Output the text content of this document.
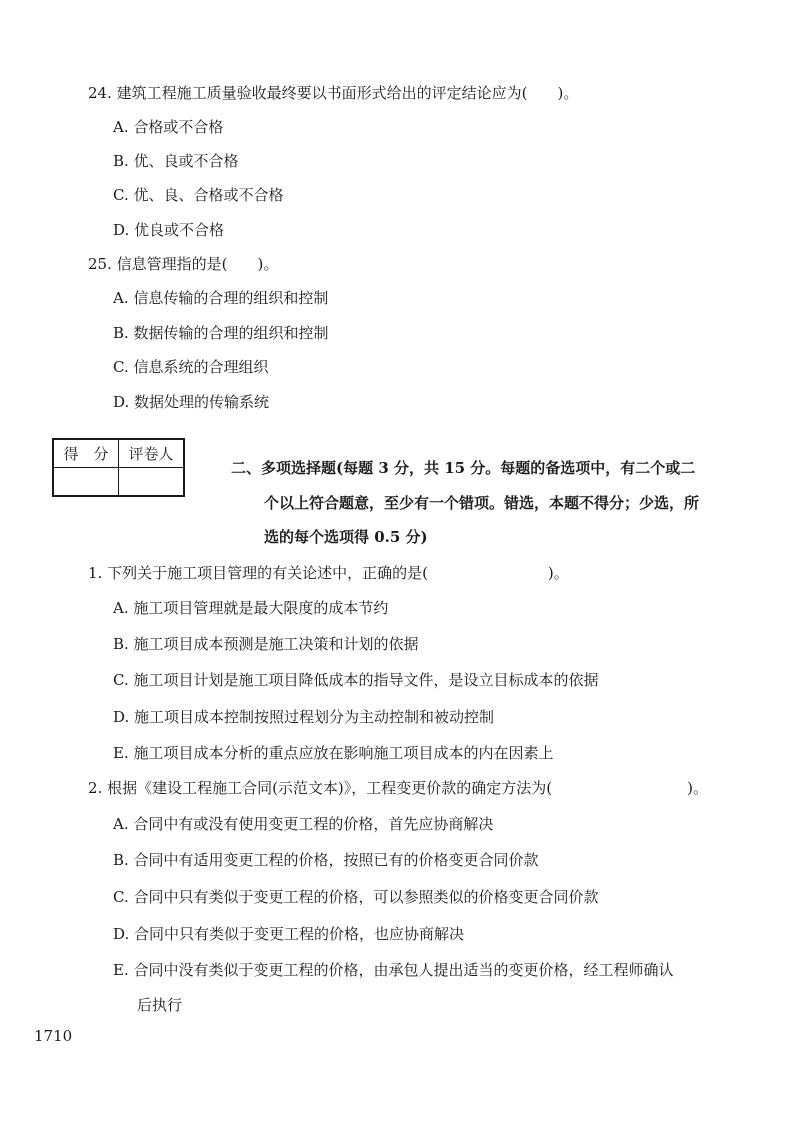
24. 建筑工程施工质量验收最终要以书面形式给出的评定结论应为(　　)。
A. 合格或不合格
B. 优、良或不合格
C. 优、良、合格或不合格
D. 优良或不合格
25. 信息管理指的是(　　)。
A. 信息传输的合理的组织和控制
B. 数据传输的合理的组织和控制
C. 信息系统的合理组织
D. 数据处理的传输系统
得　分	评卷人

二、多项选择题(每题 3 分，共 15 分。每题的备选项中，有二个或二
个以上符合题意，至少有一个错项。错选，本题不得分；少选，所
选的每个选项得 0.5 分)
1. 下列关于施工项目管理的有关论述中，正确的是(　　　　　　　　)。
A. 施工项目管理就是最大限度的成本节约
B. 施工项目成本预测是施工决策和计划的依据
C. 施工项目计划是施工项目降低成本的指导文件，是设立目标成本的依据
D. 施工项目成本控制按照过程划分为主动控制和被动控制
E. 施工项目成本分析的重点应放在影响施工项目成本的内在因素上
2. 根据《建设工程施工合同(示范文本)》，工程变更价款的确定方法为(　　　　　　　　　)。
A. 合同中有或没有使用变更工程的价格，首先应协商解决
B. 合同中有适用变更工程的价格，按照已有的价格变更合同价款
C. 合同中只有类似于变更工程的价格，可以参照类似的价格变更合同价款
D. 合同中只有类似于变更工程的价格，也应协商解决
E. 合同中没有类似于变更工程的价格，由承包人提出适当的变更价格，经工程师确认
后执行
1710
